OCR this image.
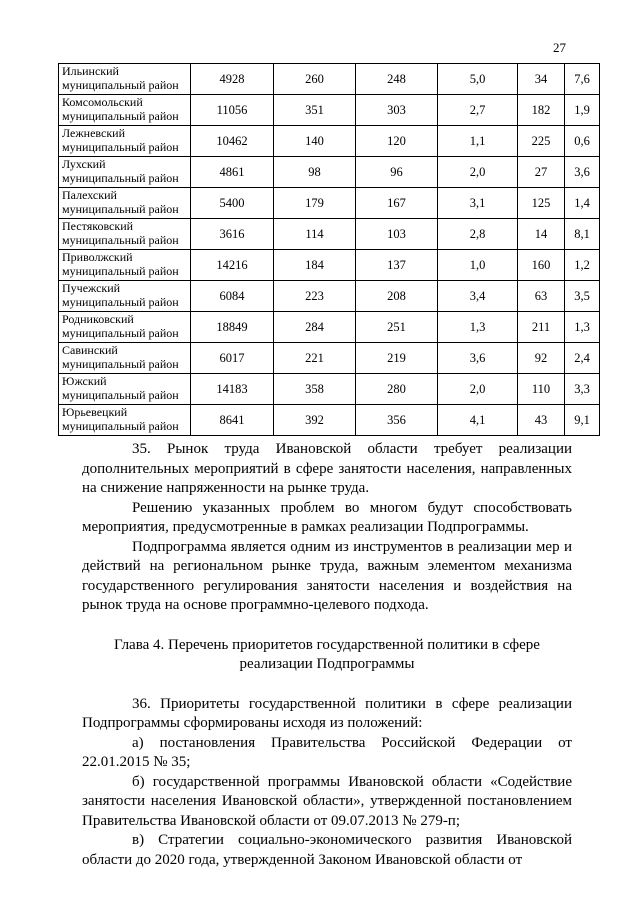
27
Ильинский
муниципальный район	4928	260	248	5,0	34	7,6

Комсомольский
муниципальный район	11056	351	303	2,7	182	1,9

Лежневский
муниципальный район	10462	140	120	1,1	225	0,6

Лухский
муниципальный район	4861	98	96	2,0	27	3,6

Палехский
муниципальный район	5400	179	167	3,1	125	1,4

Пестяковский
муниципальный район	3616	114	103	2,8	14	8,1

Приволжский
муниципальный район	14216	184	137	1,0	160	1,2

Пучежский
муниципальный район	6084	223	208	3,4	63	3,5

Родниковский
муниципальный район	18849	284	251	1,3	211	1,3

Савинский
муниципальный район	6017	221	219	3,6	92	2,4

Южский
муниципальный район	14183	358	280	2,0	110	3,3

Юрьевецкий
муниципальный район	8641	392	356	4,1	43	9,1
35. Рынок труда Ивановской области требует реализации дополнительных мероприятий в сфере занятости населения, направленных на снижение напряженности на рынке труда.
Решению указанных проблем во многом будут способствовать мероприятия, предусмотренные в рамках реализации Подпрограммы.
Подпрограмма является одним из инструментов в реализации мер и действий на региональном рынке труда, важным элементом механизма государственного регулирования занятости населения и воздействия на рынок труда на основе программно-целевого подхода.
Глава 4. Перечень приоритетов государственной политики в сфере
реализации Подпрограммы
36. Приоритеты государственной политики в сфере реализации Подпрограммы сформированы исходя из положений:
а) постановления Правительства Российской Федерации от 22.01.2015 № 35;
б) государственной программы Ивановской области «Содействие занятости населения Ивановской области», утвержденной постановлением Правительства Ивановской области от 09.07.2013 № 279-п;
в) Стратегии социально-экономического развития Ивановской области до 2020 года, утвержденной Законом Ивановской области от
